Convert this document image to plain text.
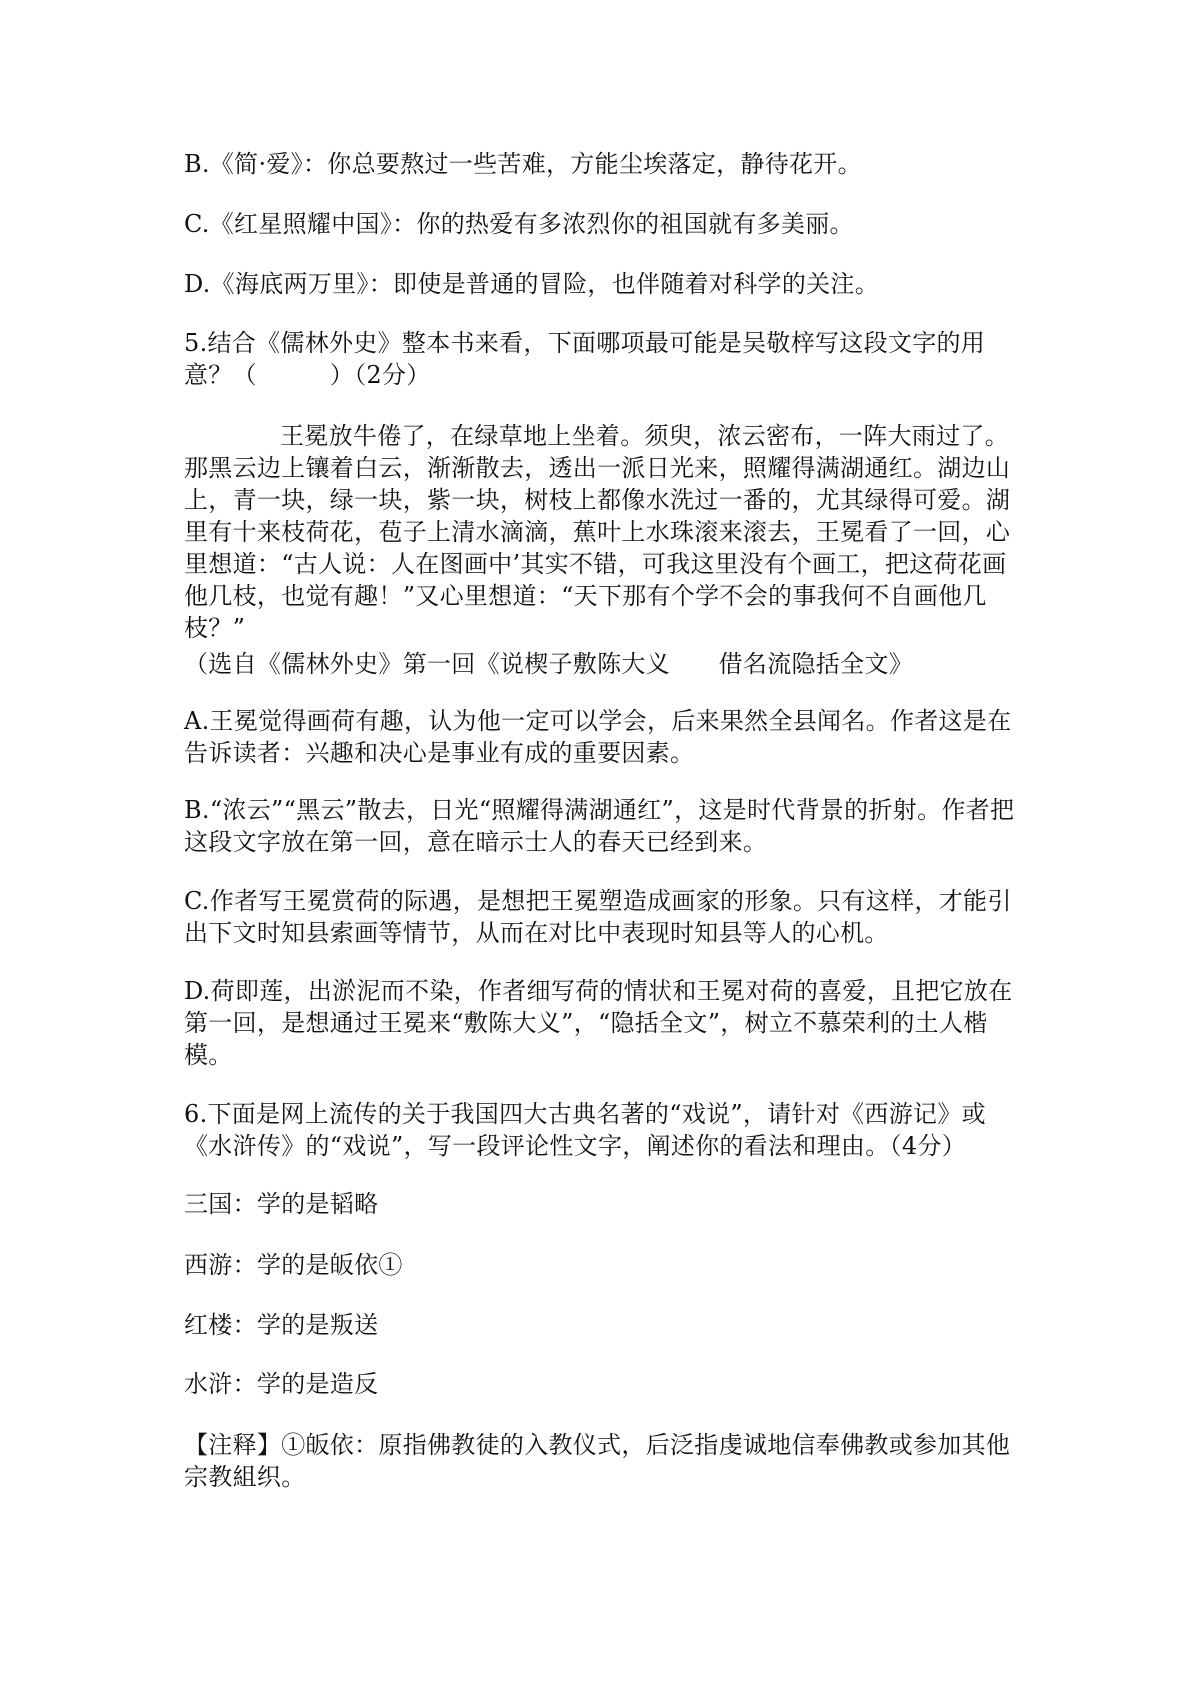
B.《简·爱》：你总要熬过一些苦难，方能尘埃落定，静待花开。
C.《红星照耀中国》：你的热爱有多浓烈你的祖国就有多美丽。
D.《海底两万里》：即使是普通的冒险，也伴随着对科学的关注。
5.结合《儒林外史》整本书来看，下面哪项最可能是吴敬梓写这段文字的用意？（　　　）（2分）
王冕放牛倦了，在绿草地上坐着。须臾，浓云密布，一阵大雨过了。那黑云边上镶着白云，渐渐散去，透出一派日光来，照耀得满湖通红。湖边山上，青一块，绿一块，紫一块，树枝上都像水洗过一番的，尤其绿得可爱。湖里有十来枝荷花，苞子上清水滴滴，蕉叶上水珠滚来滚去，王冕看了一回，心里想道：“古人说：人在图画中’其实不错，可我这里没有个画工，把这荷花画他几枝，也觉有趣！”又心里想道：“天下那有个学不会的事我何不自画他几枝？”
（选自《儒林外史》第一回《说楔子敷陈大义　　借名流隐括全文》
A.王冕觉得画荷有趣，认为他一定可以学会，后来果然全县闻名。作者这是在告诉读者：兴趣和决心是事业有成的重要因素。
B.“浓云”“黑云”散去，日光“照耀得满湖通红”，这是时代背景的折射。作者把这段文字放在第一回，意在暗示士人的春天已经到来。
C.作者写王冕赏荷的际遇，是想把王冕塑造成画家的形象。只有这样，才能引出下文时知县索画等情节，从而在对比中表现时知县等人的心机。
D.荷即莲，出淤泥而不染，作者细写荷的情状和王冕对荷的喜爱，且把它放在第一回，是想通过王冕来“敷陈大义”，“隐括全文”，树立不慕荣利的土人楷模。
6.下面是网上流传的关于我国四大古典名著的“戏说”，请针对《西游记》或《水浒传》的“戏说”，写一段评论性文字，阐述你的看法和理由。（4分）
三国：学的是韬略
西游：学的是皈依①
红楼：学的是叛送
水浒：学的是造反
【注释】①皈依：原指佛教徒的入教仪式，后泛指虔诚地信奉佛教或参加其他宗教組织。
